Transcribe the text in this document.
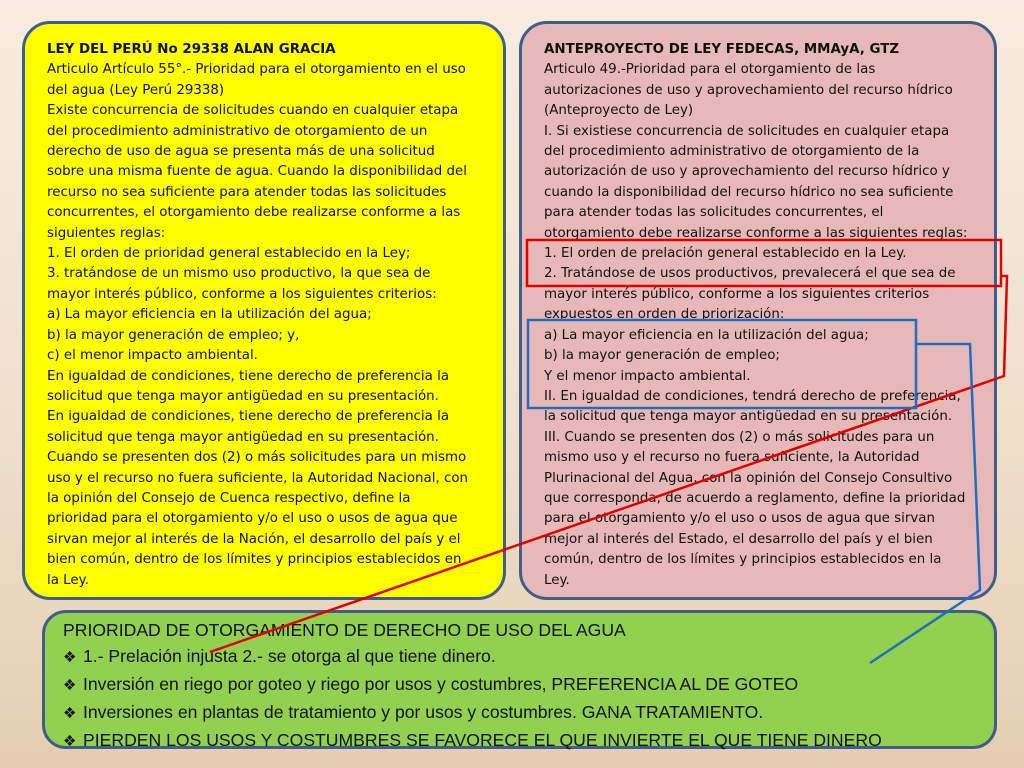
LEY DEL PERÚ No 29338 ALAN GRACIA
Articulo Artículo 55°.- Prioridad para el otorgamiento en el uso
del agua (Ley Perú 29338)
Existe concurrencia de solicitudes cuando en cualquier etapa
del procedimiento administrativo de otorgamiento de un
derecho de uso de agua se presenta más de una solicitud
sobre una misma fuente de agua. Cuando la disponibilidad del
recurso no sea suficiente para atender todas las solicitudes
concurrentes, el otorgamiento debe realizarse conforme a las
siguientes reglas:
1. El orden de prioridad general establecido en la Ley;
3. tratándose de un mismo uso productivo, la que sea de
mayor interés público, conforme a los siguientes criterios:
a) La mayor eficiencia en la utilización del agua;
b) la mayor generación de empleo; y,
c) el menor impacto ambiental.
En igualdad de condiciones, tiene derecho de preferencia la
solicitud que tenga mayor antigüedad en su presentación.
En igualdad de condiciones, tiene derecho de preferencia la
solicitud que tenga mayor antigüedad en su presentación.
Cuando se presenten dos (2) o más solicitudes para un mismo
uso y el recurso no fuera suficiente, la Autoridad Nacional, con
la opinión del Consejo de Cuenca respectivo, define la
prioridad para el otorgamiento y/o el uso o usos de agua que
sirvan mejor al interés de la Nación, el desarrollo del país y el
bien común, dentro de los límites y principios establecidos en
la Ley.
ANTEPROYECTO DE LEY FEDECAS, MMAyA, GTZ
Articulo 49.-Prioridad para el otorgamiento de las
autorizaciones de uso y aprovechamiento del recurso hídrico
(Anteproyecto de Ley)
I. Si existiese concurrencia de solicitudes en cualquier etapa
del procedimiento administrativo de otorgamiento de la
autorización de uso y aprovechamiento del recurso hídrico y
cuando la disponibilidad del recurso hídrico no sea suficiente
para atender todas las solicitudes concurrentes, el
otorgamiento debe realizarse conforme a las siguientes reglas:
1. El orden de prelación general establecido en la Ley.
2. Tratándose de usos productivos, prevalecerá el que sea de
mayor interés público, conforme a los siguientes criterios
expuestos en orden de priorización:
a) La mayor eficiencia en la utilización del agua;
b) la mayor generación de empleo;
Y el menor impacto ambiental.
II. En igualdad de condiciones, tendrá derecho de preferencia,
la solicitud que tenga mayor antigüedad en su presentación.
III. Cuando se presenten dos (2) o más solicitudes para un
mismo uso y el recurso no fuera suficiente, la Autoridad
Plurinacional del Agua, con la opinión del Consejo Consultivo
que corresponda, de acuerdo a reglamento, define la prioridad
para el otorgamiento y/o el uso o usos de agua que sirvan
mejor al interés del Estado, el desarrollo del país y el bien
común, dentro de los límites y principios establecidos en la
Ley.
PRIORIDAD DE OTORGAMIENTO DE DERECHO DE USO DEL AGUA
❖ 1.- Prelación injusta 2.- se otorga al que tiene dinero.
❖ Inversión en riego por goteo y riego por usos y costumbres, PREFERENCIA AL DE GOTEO
❖ Inversiones en plantas de tratamiento y por usos y costumbres. GANA TRATAMIENTO.
❖ PIERDEN LOS USOS Y COSTUMBRES SE FAVORECE EL QUE INVIERTE EL QUE TIENE DINERO
